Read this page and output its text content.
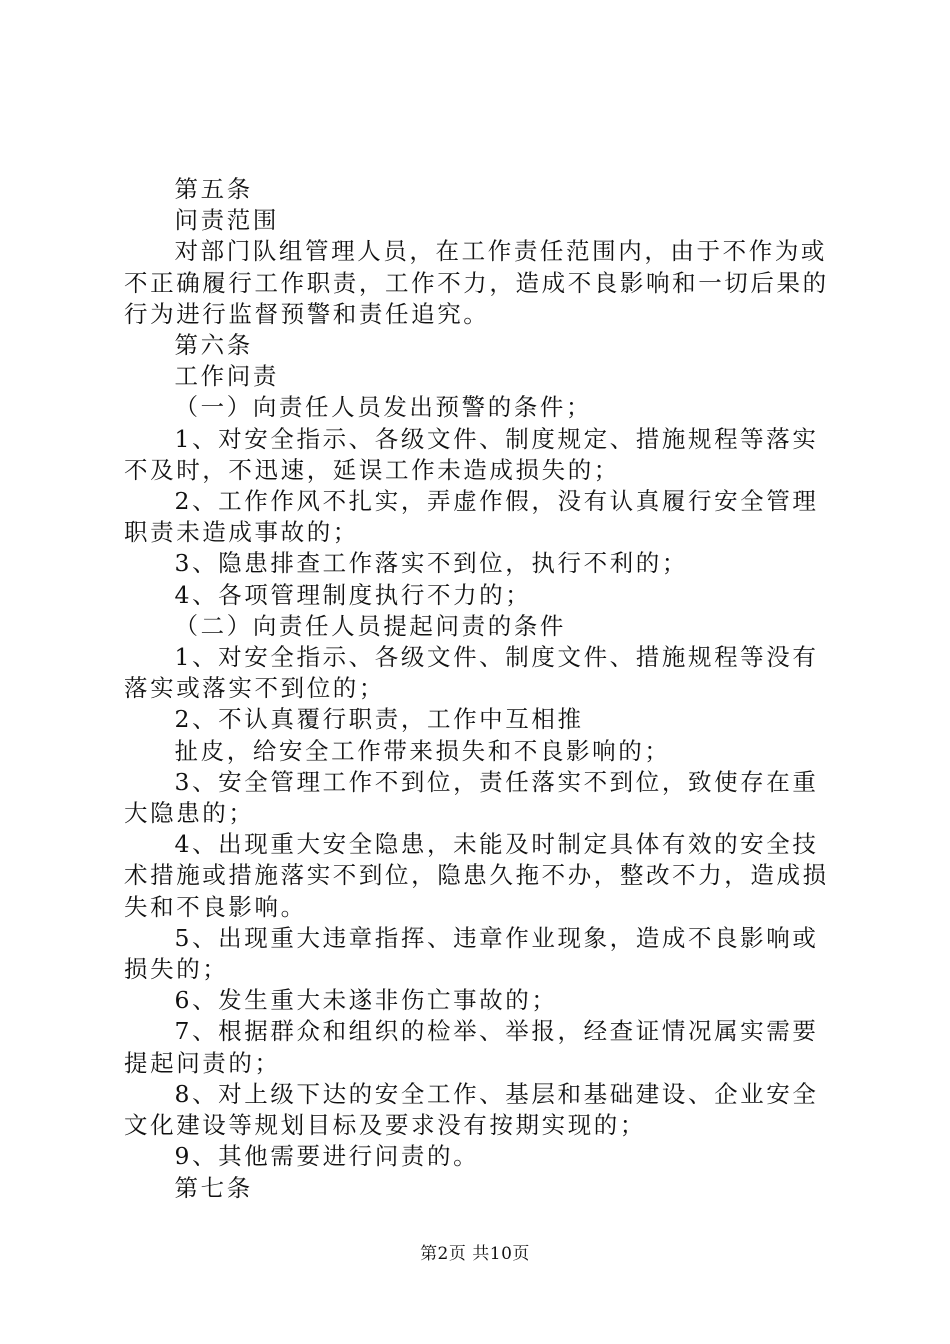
第五条

问责范围

对部门队组管理人员，在工作责任范围内，由于不作为或不正确履行工作职责，工作不力，造成不良影响和一切后果的行为进行监督预警和责任追究。

第六条

工作问责

（一）向责任人员发出预警的条件；

1、对安全指示、各级文件、制度规定、措施规程等落实不及时，不迅速，延误工作未造成损失的；

2、工作作风不扎实，弄虚作假，没有认真履行安全管理职责未造成事故的；

3、隐患排查工作落实不到位，执行不利的；

4、各项管理制度执行不力的；

（二）向责任人员提起问责的条件

1、对安全指示、各级文件、制度文件、措施规程等没有落实或落实不到位的；

2、不认真覆行职责，工作中互相推

扯皮，给安全工作带来损失和不良影响的；

3、安全管理工作不到位，责任落实不到位，致使存在重大隐患的；

4、出现重大安全隐患，未能及时制定具体有效的安全技术措施或措施落实不到位，隐患久拖不办，整改不力，造成损失和不良影响。

5、出现重大违章指挥、违章作业现象，造成不良影响或损失的；

6、发生重大未遂非伤亡事故的；

7、根据群众和组织的检举、举报，经查证情况属实需要提起问责的；

8、对上级下达的安全工作、基层和基础建设、企业安全文化建设等规划目标及要求没有按期实现的；

9、其他需要进行问责的。

第七条

第2页 共10页
